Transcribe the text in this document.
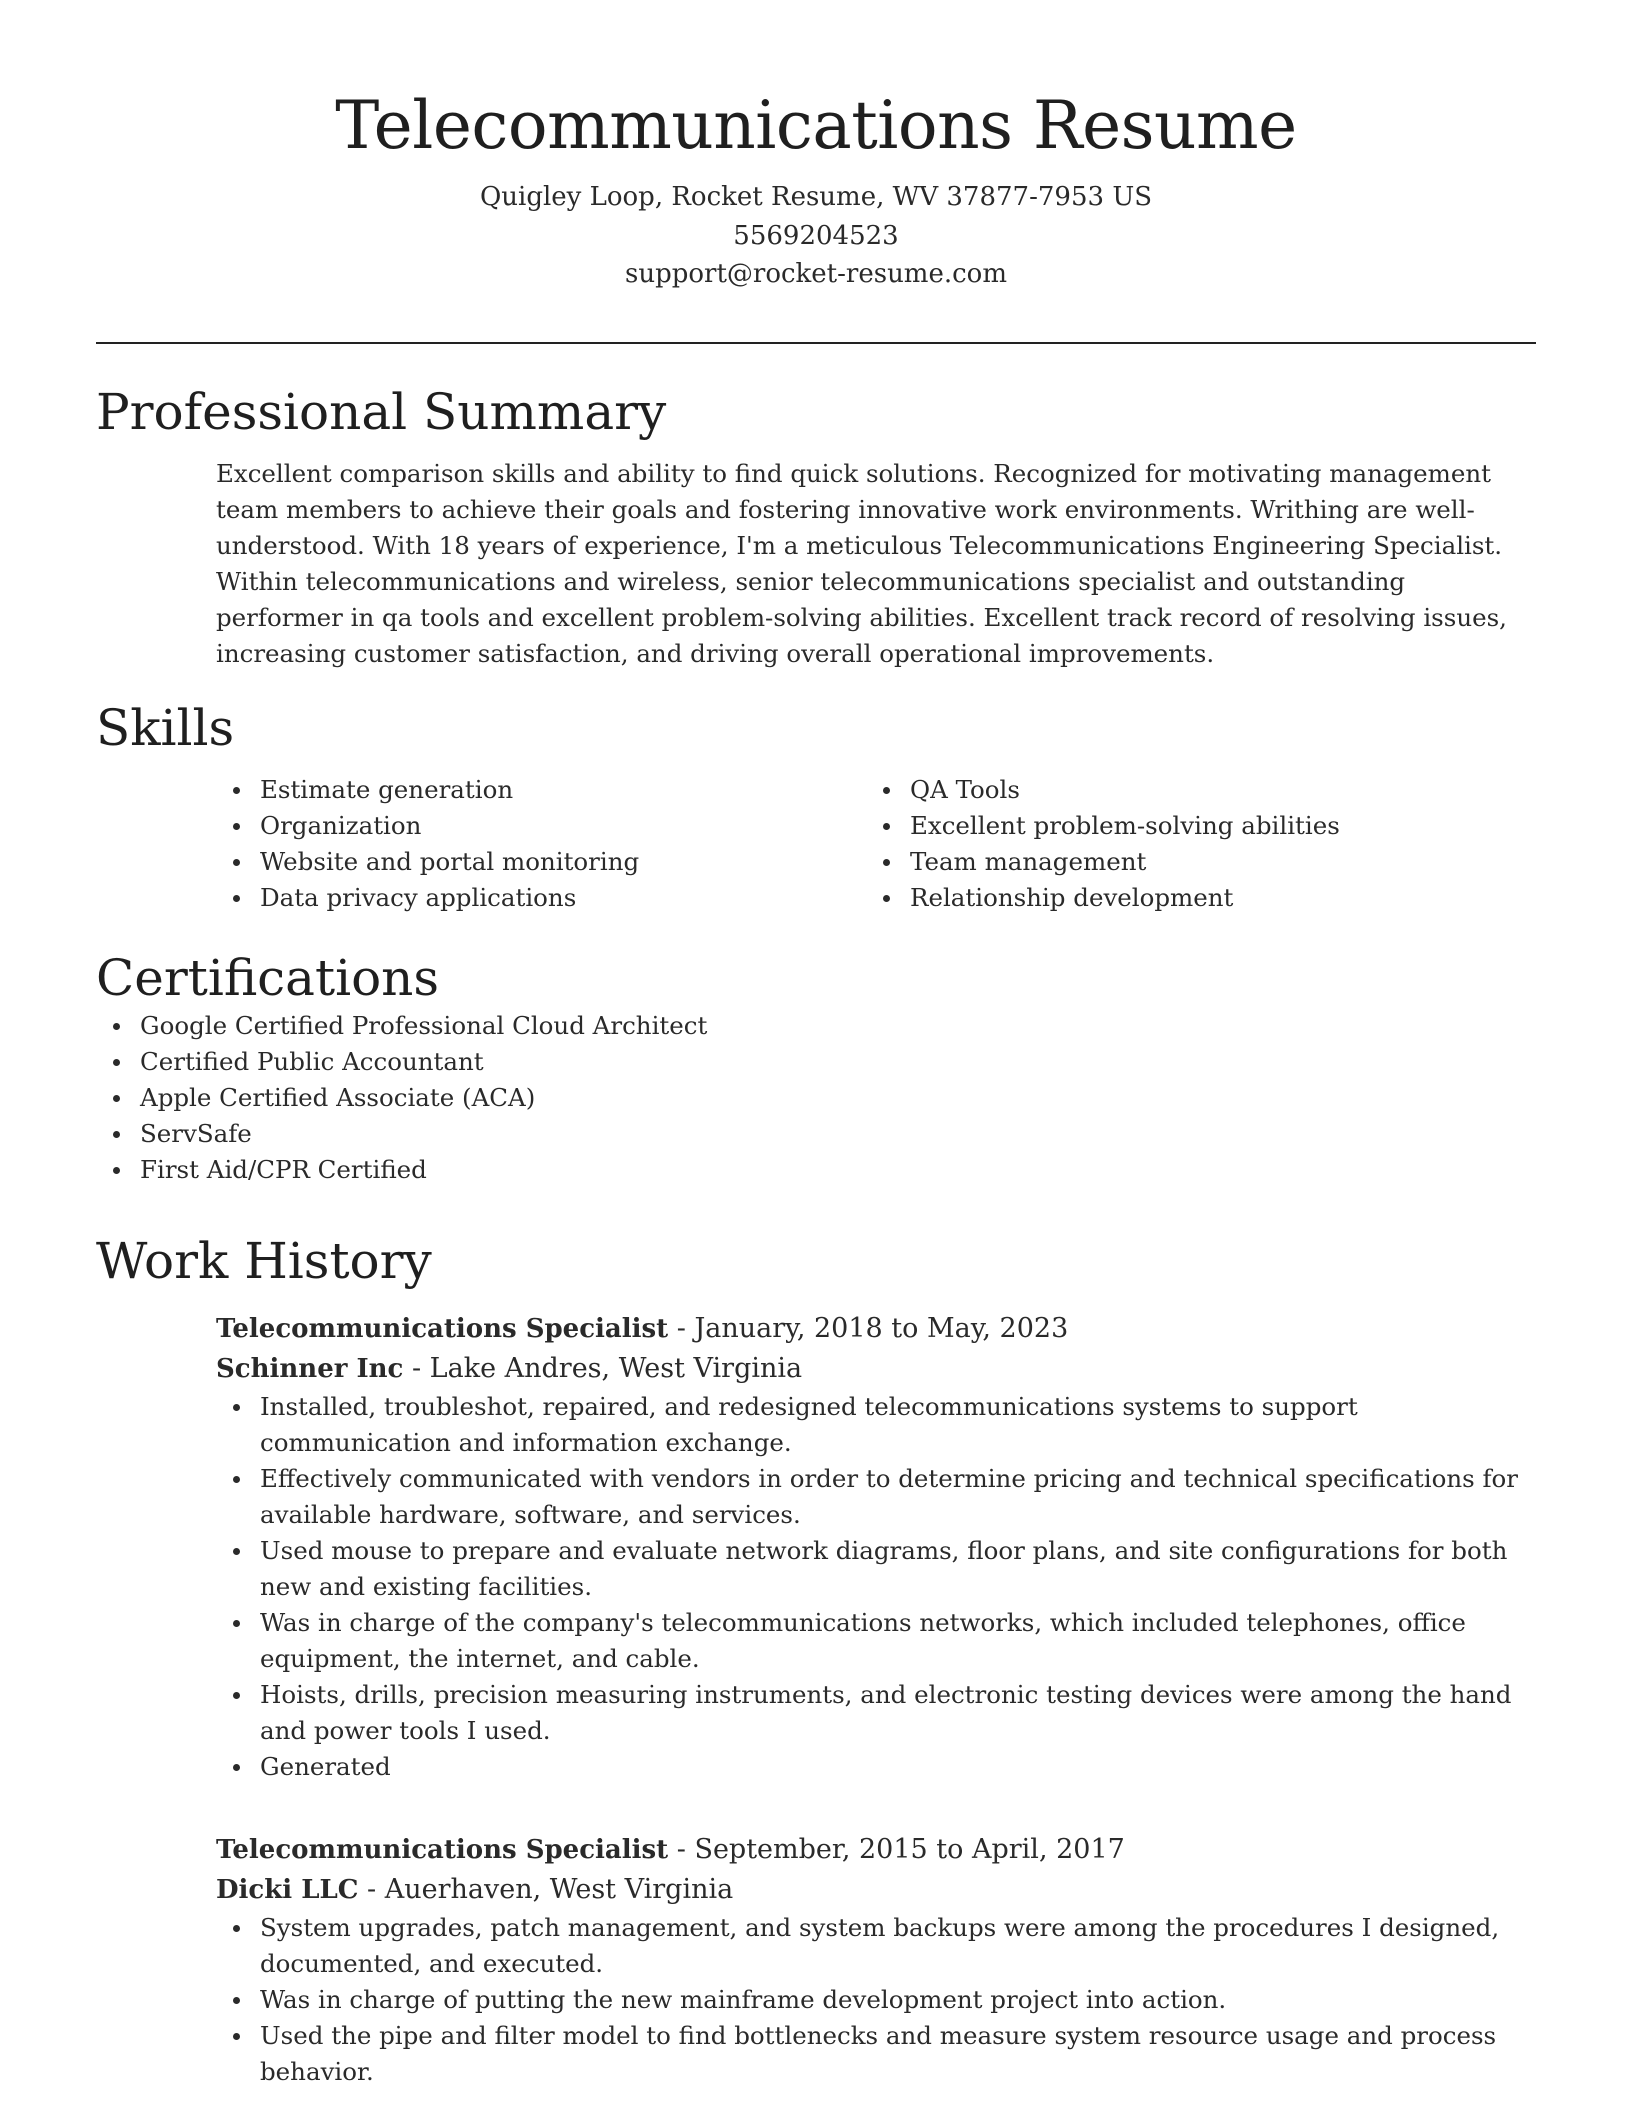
Telecommunications Resume

Quigley Loop, Rocket Resume, WV 37877-7953 US

5569204523

support@rocket-resume.com

Professional Summary

Excellent comparison skills and ability to find quick solutions. Recognized for motivating management team members to achieve their goals and fostering innovative work environments. Writhing are well-understood. With 18 years of experience, I'm a meticulous Telecommunications Engineering Specialist. Within telecommunications and wireless, senior telecommunications specialist and outstanding performer in qa tools and excellent problem-solving abilities. Excellent track record of resolving issues, increasing customer satisfaction, and driving overall operational improvements.

Skills
Estimate generation
Organization
Website and portal monitoring
Data privacy applications
QA Tools
Excellent problem-solving abilities
Team management
Relationship development
Certifications
Google Certified Professional Cloud Architect
Certified Public Accountant
Apple Certified Associate (ACA)
ServSafe
First Aid/CPR Certified
Work History
Telecommunications Specialist - January, 2018 to May, 2023
Schinner Inc - Lake Andres, West Virginia
Installed, troubleshot, repaired, and redesigned telecommunications systems to support communication and information exchange.
Effectively communicated with vendors in order to determine pricing and technical specifications for available hardware, software, and services.
Used mouse to prepare and evaluate network diagrams, floor plans, and site configurations for both new and existing facilities.
Was in charge of the company's telecommunications networks, which included telephones, office equipment, the internet, and cable.
Hoists, drills, precision measuring instruments, and electronic testing devices were among the hand and power tools I used.
Generated
Telecommunications Specialist - September, 2015 to April, 2017
Dicki LLC - Auerhaven, West Virginia
System upgrades, patch management, and system backups were among the procedures I designed, documented, and executed.
Was in charge of putting the new mainframe development project into action.
Used the pipe and filter model to find bottlenecks and measure system resource usage and process behavior.
